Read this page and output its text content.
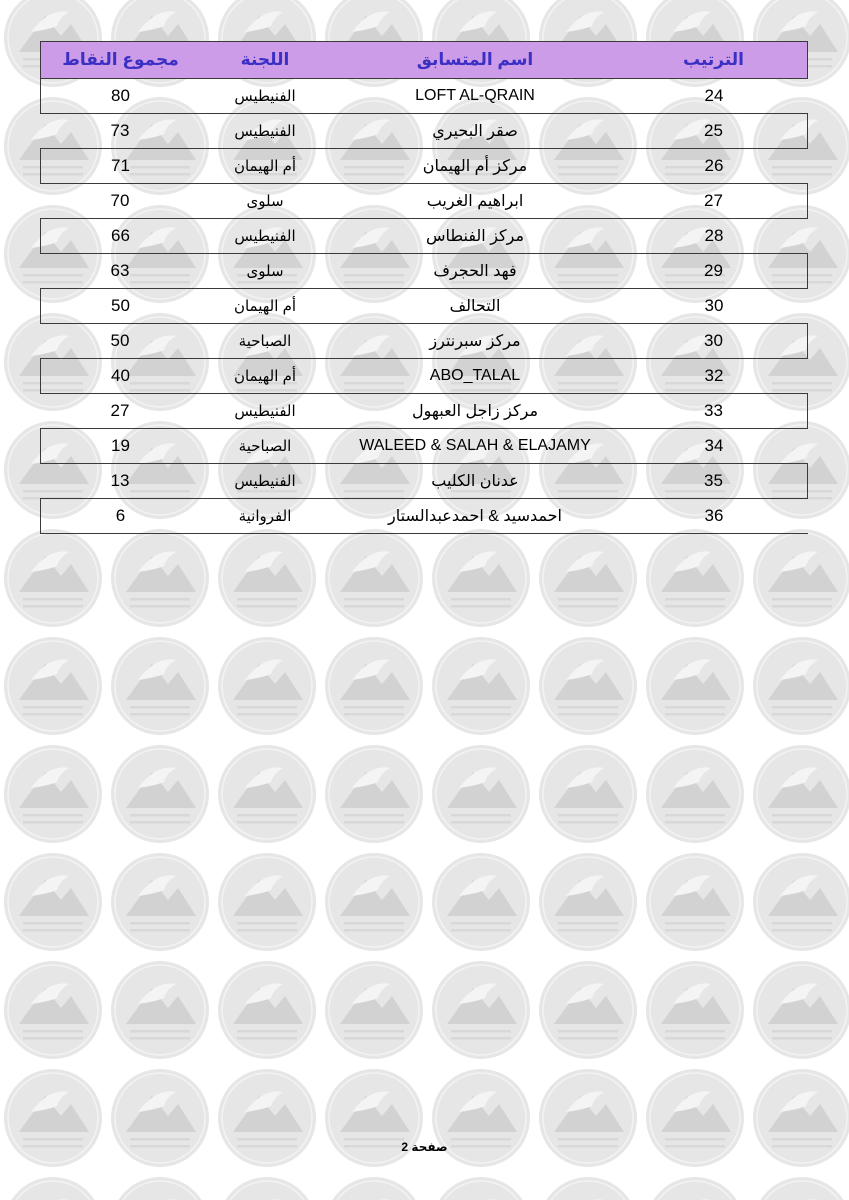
مجموع النقاط	اللجنة	اسم المتسابق	الترتيب
80	الفنيطيس	LOFT AL-QRAIN	24
73	الفنيطيس	صقر البحيري	25
71	أم الهيمان	مركز أم الهيمان	26
70	سلوى	ابراهيم الغريب	27
66	الفنيطيس	مركز الفنطاس	28
63	سلوى	فهد الحجرف	29
50	أم الهيمان	التحالف	30
50	الصباحية	مركز سبرنترز	30
40	أم الهيمان	ABO_TALAL	32
27	الفنيطيس	مركز زاجل العبهول	33
19	الصباحية	WALEED & SALAH & ELAJAMY	34
13	الفنيطيس	عدنان الكليب	35
6	الفروانية	احمدسيد & احمدعبدالستار	36
صفحة 2
